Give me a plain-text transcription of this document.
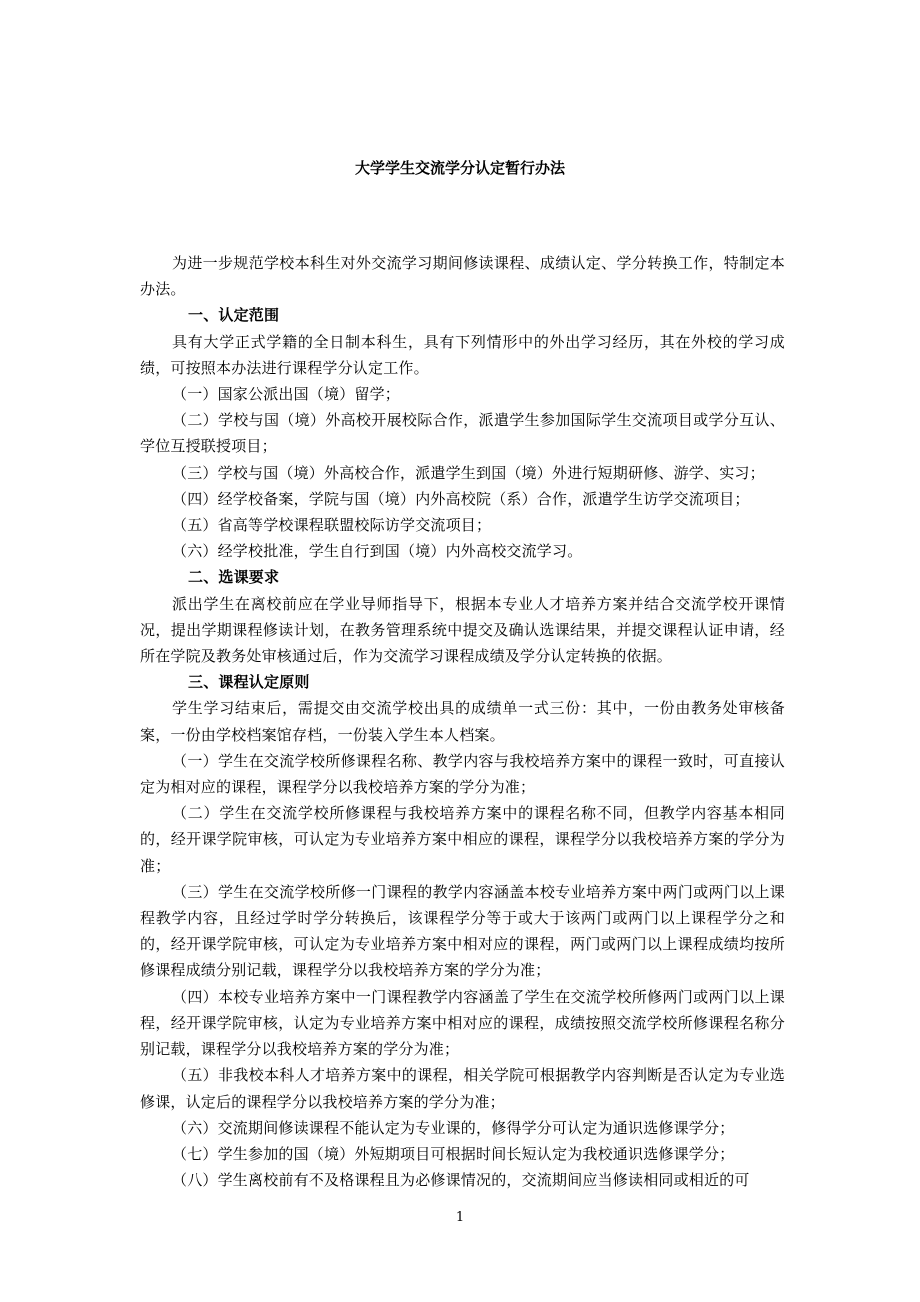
大学学生交流学分认定暂行办法

为进一步规范学校本科生对外交流学习期间修读课程、成绩认定、学分转换工作，特制定本办法。

一、认定范围

具有大学正式学籍的全日制本科生，具有下列情形中的外出学习经历，其在外校的学习成绩，可按照本办法进行课程学分认定工作。

（一）国家公派出国（境）留学；

（二）学校与国（境）外高校开展校际合作，派遣学生参加国际学生交流项目或学分互认、学位互授联授项目；

（三）学校与国（境）外高校合作，派遣学生到国（境）外进行短期研修、游学、实习；

（四）经学校备案，学院与国（境）内外高校院（系）合作，派遣学生访学交流项目；

（五）省高等学校课程联盟校际访学交流项目；

（六）经学校批准，学生自行到国（境）内外高校交流学习。

二、选课要求

派出学生在离校前应在学业导师指导下，根据本专业人才培养方案并结合交流学校开课情况，提出学期课程修读计划，在教务管理系统中提交及确认选课结果，并提交课程认证申请，经所在学院及教务处审核通过后，作为交流学习课程成绩及学分认定转换的依据。

三、课程认定原则

学生学习结束后，需提交由交流学校出具的成绩单一式三份：其中，一份由教务处审核备案，一份由学校档案馆存档，一份装入学生本人档案。

（一）学生在交流学校所修课程名称、教学内容与我校培养方案中的课程一致时，可直接认定为相对应的课程，课程学分以我校培养方案的学分为准；

（二）学生在交流学校所修课程与我校培养方案中的课程名称不同，但教学内容基本相同的，经开课学院审核，可认定为专业培养方案中相应的课程，课程学分以我校培养方案的学分为准；

（三）学生在交流学校所修一门课程的教学内容涵盖本校专业培养方案中两门或两门以上课程教学内容，且经过学时学分转换后，该课程学分等于或大于该两门或两门以上课程学分之和的，经开课学院审核，可认定为专业培养方案中相对应的课程，两门或两门以上课程成绩均按所修课程成绩分别记载，课程学分以我校培养方案的学分为准；

（四）本校专业培养方案中一门课程教学内容涵盖了学生在交流学校所修两门或两门以上课程，经开课学院审核，认定为专业培养方案中相对应的课程，成绩按照交流学校所修课程名称分别记载，课程学分以我校培养方案的学分为准；

（五）非我校本科人才培养方案中的课程，相关学院可根据教学内容判断是否认定为专业选修课，认定后的课程学分以我校培养方案的学分为准；

（六）交流期间修读课程不能认定为专业课的，修得学分可认定为通识选修课学分；

（七）学生参加的国（境）外短期项目可根据时间长短认定为我校通识选修课学分；

（八）学生离校前有不及格课程且为必修课情况的，交流期间应当修读相同或相近的可

1
